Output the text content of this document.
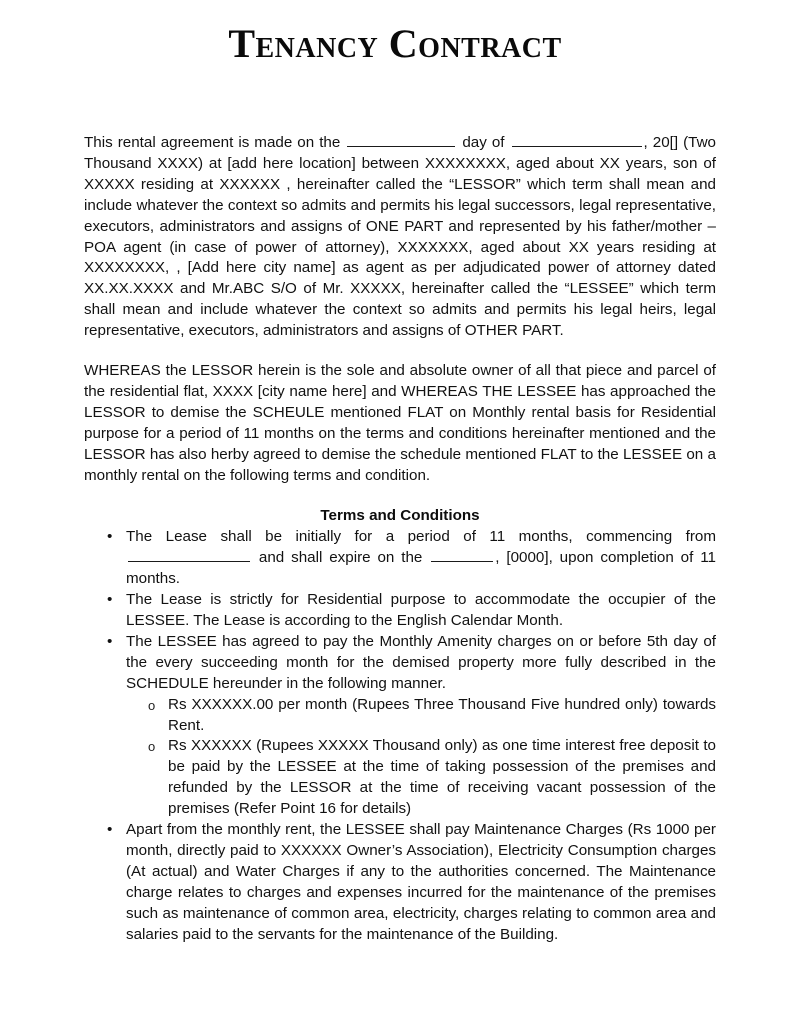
Tenancy Contract

This rental agreement is made on the	day of	, 20[] (Two Thousand XXXX) at [add here location] between XXXXXXXX, aged about XX years, son of XXXXX residing at XXXXXX , hereinafter called the “LESSOR” which term shall mean and include whatever the context so admits and permits his legal successors, legal representative, executors, administrators and assigns of ONE PART and represented by his father/mother –POA agent (in case of power of attorney), XXXXXXX, aged about XX years residing at XXXXXXXX, , [Add here city name] as agent as per adjudicated power of attorney dated XX.XX.XXXX and Mr.ABC S/O of Mr. XXXXX, hereinafter called the “LESSEE” which term shall mean and include whatever the context so admits and permits his legal heirs, legal representative, executors, administrators and assigns of OTHER PART.

WHEREAS the LESSOR herein is the sole and absolute owner of all that piece and parcel of the residential flat, XXXX [city name here] and WHEREAS THE LESSEE has approached the LESSOR to demise the SCHEULE mentioned FLAT on Monthly rental basis for Residential purpose for a period of 11 months on the terms and conditions hereinafter mentioned and the LESSOR has also herby agreed to demise the schedule mentioned FLAT to the LESSEE on a monthly rental on the following terms and condition.

Terms and Conditions
• The Lease shall be initially for a period of 11 months, commencing from  and shall expire on the	, [0000], upon completion of 11 months.
• The Lease is strictly for Residential purpose to accommodate the occupier of the LESSEE. The Lease is according to the English Calendar Month.
• The LESSEE has agreed to pay the Monthly Amenity charges on or before 5th day of the every succeeding month for the demised property more fully described in the SCHEDULE hereunder in the following manner.
o Rs XXXXXX.00 per month (Rupees Three Thousand Five hundred only) towards Rent.
o Rs XXXXXX (Rupees XXXXX Thousand only) as one time interest free deposit to be paid by the LESSEE at the time of taking possession of the premises and refunded by the LESSOR at the time of receiving vacant possession of the premises (Refer Point 16 for details)
• Apart from the monthly rent, the LESSEE shall pay Maintenance Charges (Rs 1000 per month, directly paid to XXXXXX Owner’s Association), Electricity Consumption charges (At actual) and Water Charges if any to the authorities concerned. The Maintenance charge relates to charges and expenses incurred for the maintenance of the premises such as maintenance of common area, electricity, charges relating to common area and salaries paid to the servants for the maintenance of the Building.
